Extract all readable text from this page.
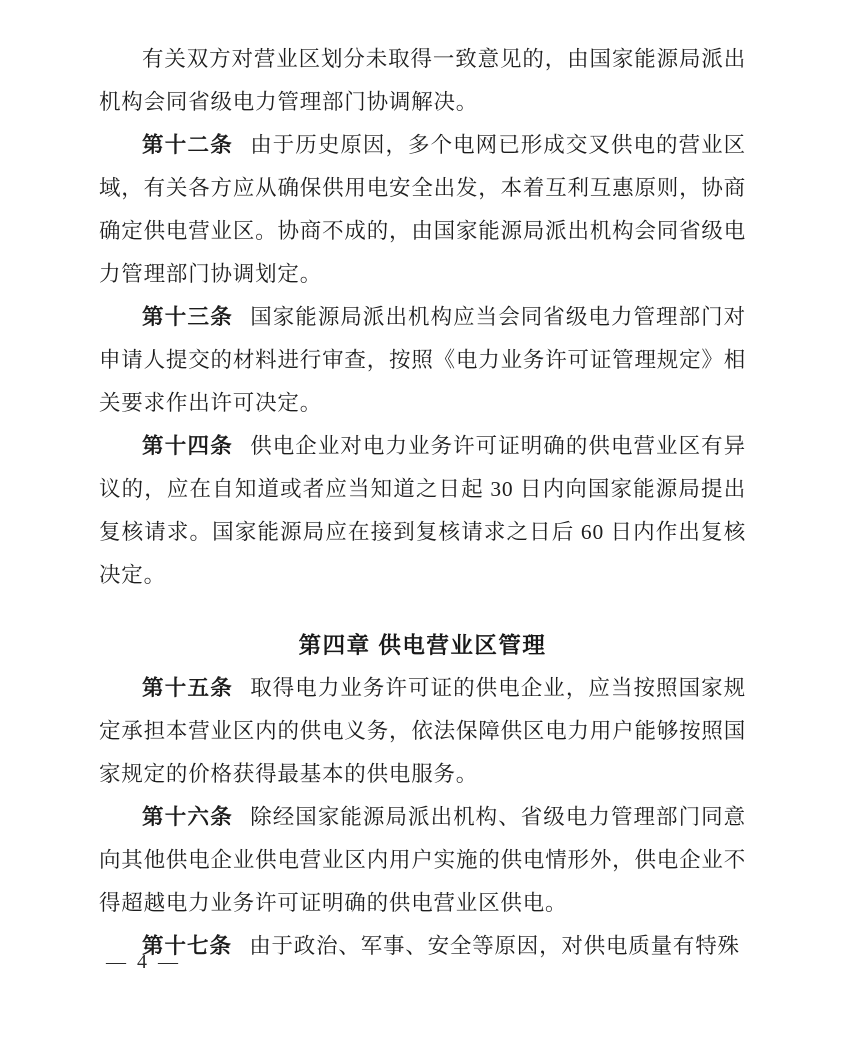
有关双方对营业区划分未取得一致意见的，由国家能源局派出机构会同省级电力管理部门协调解决。

第十二条 由于历史原因，多个电网已形成交叉供电的营业区域，有关各方应从确保供用电安全出发，本着互利互惠原则，协商确定供电营业区。协商不成的，由国家能源局派出机构会同省级电力管理部门协调划定。

第十三条 国家能源局派出机构应当会同省级电力管理部门对申请人提交的材料进行审查，按照《电力业务许可证管理规定》相关要求作出许可决定。

第十四条 供电企业对电力业务许可证明确的供电营业区有异议的，应在自知道或者应当知道之日起 30 日内向国家能源局提出复核请求。国家能源局应在接到复核请求之日后 60 日内作出复核决定。

第四章 供电营业区管理

第十五条 取得电力业务许可证的供电企业，应当按照国家规定承担本营业区内的供电义务，依法保障供区电力用户能够按照国家规定的价格获得最基本的供电服务。

第十六条 除经国家能源局派出机构、省级电力管理部门同意向其他供电企业供电营业区内用户实施的供电情形外，供电企业不得超越电力业务许可证明确的供电营业区供电。

第十七条 由于政治、军事、安全等原因，对供电质量有特殊

— 4 —
